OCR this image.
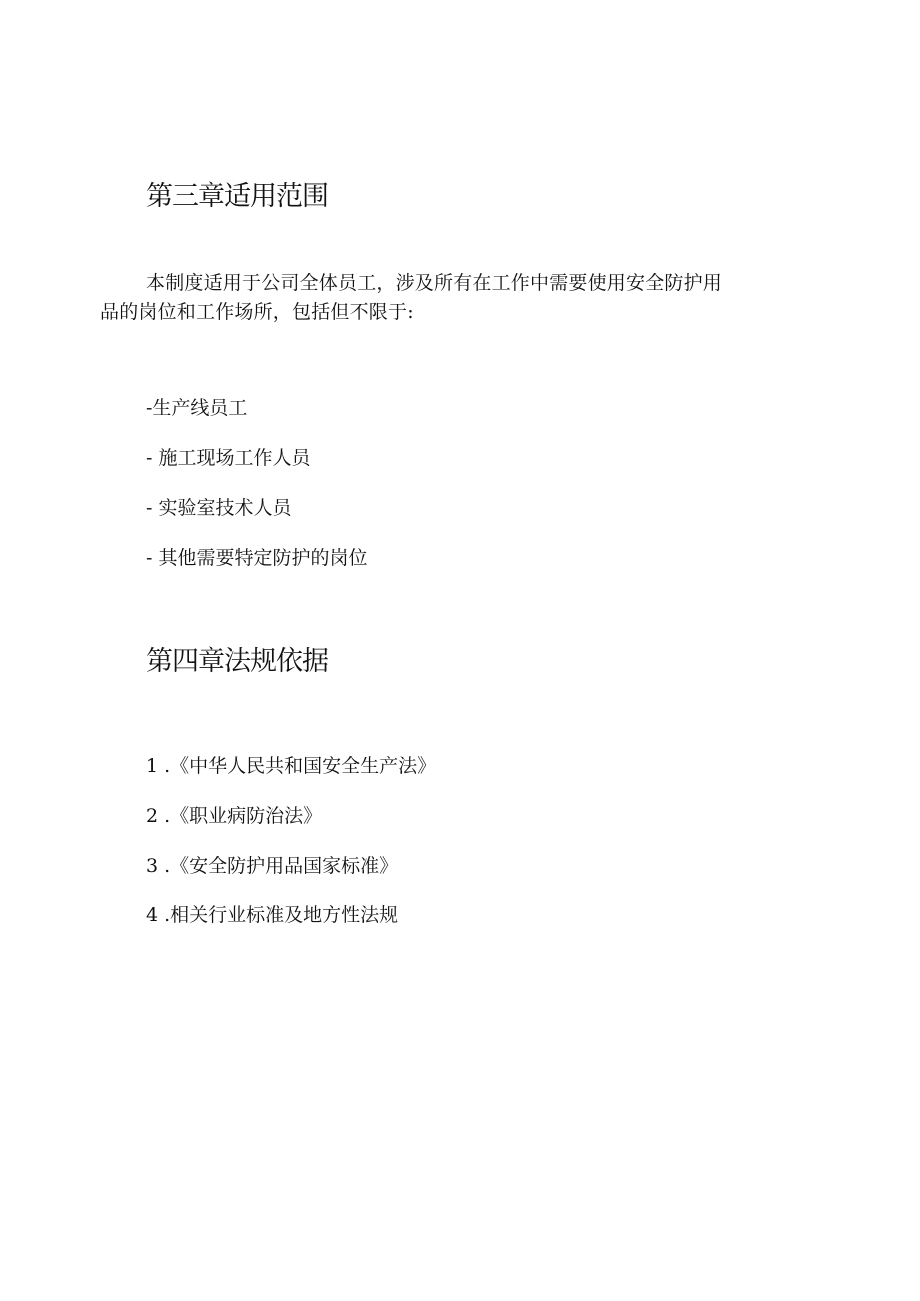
第三章适用范围

本制度适用于公司全体员工，涉及所有在工作中需要使用安全防护用

品的岗位和工作场所，包括但不限于:

-生产线员工

- 施工现场工作人员

- 实验室技术人员

- 其他需要特定防护的岗位

第四章法规依据

1 .《中华人民共和国安全生产法》

2 .《职业病防治法》

3 .《安全防护用品国家标准》

4 .相关行业标准及地方性法规
